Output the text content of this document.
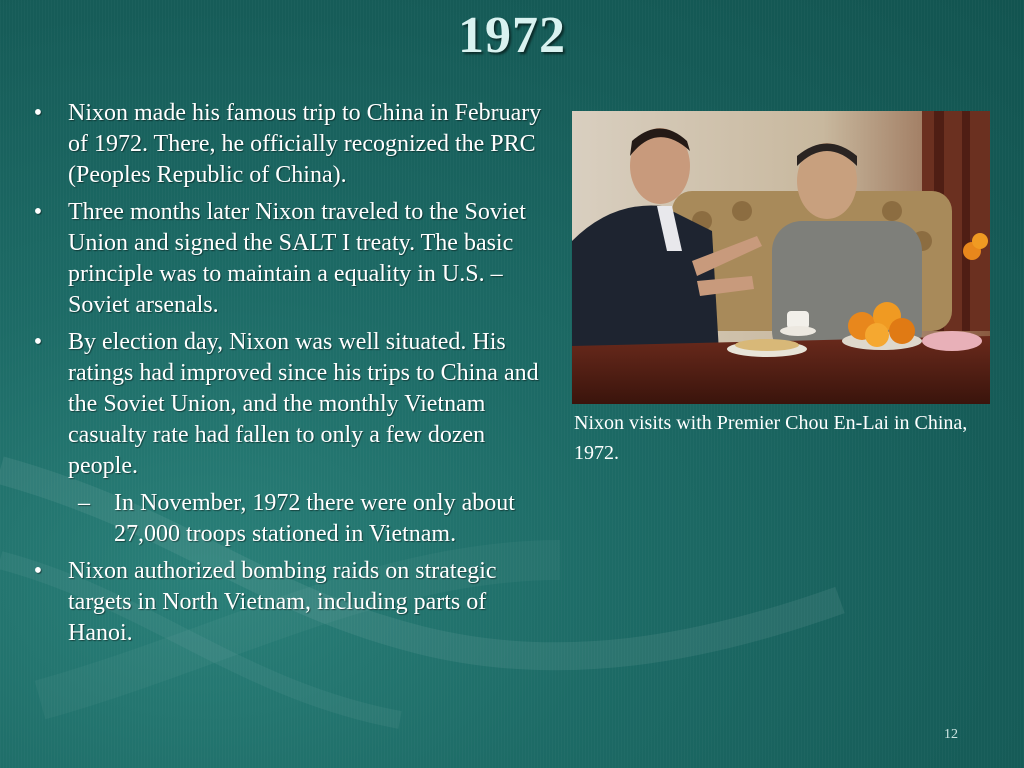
1972
• Nixon made his famous trip to China in February of 1972. There, he officially recognized the PRC (Peoples Republic of China).
• Three months later Nixon traveled to the Soviet Union and signed the SALT I treaty. The basic principle was to maintain a equality in U.S. – Soviet arsenals.
• By election day, Nixon was well situated. His ratings had improved since his trips to China and the Soviet Union, and the monthly Vietnam casualty rate had fallen to only a few dozen people.
– In November, 1972 there were only about 27,000 troops stationed in Vietnam.
• Nixon authorized bombing raids on strategic targets in North Vietnam, including parts of Hanoi.
Nixon visits with Premier Chou En-Lai in China, 1972.
12
